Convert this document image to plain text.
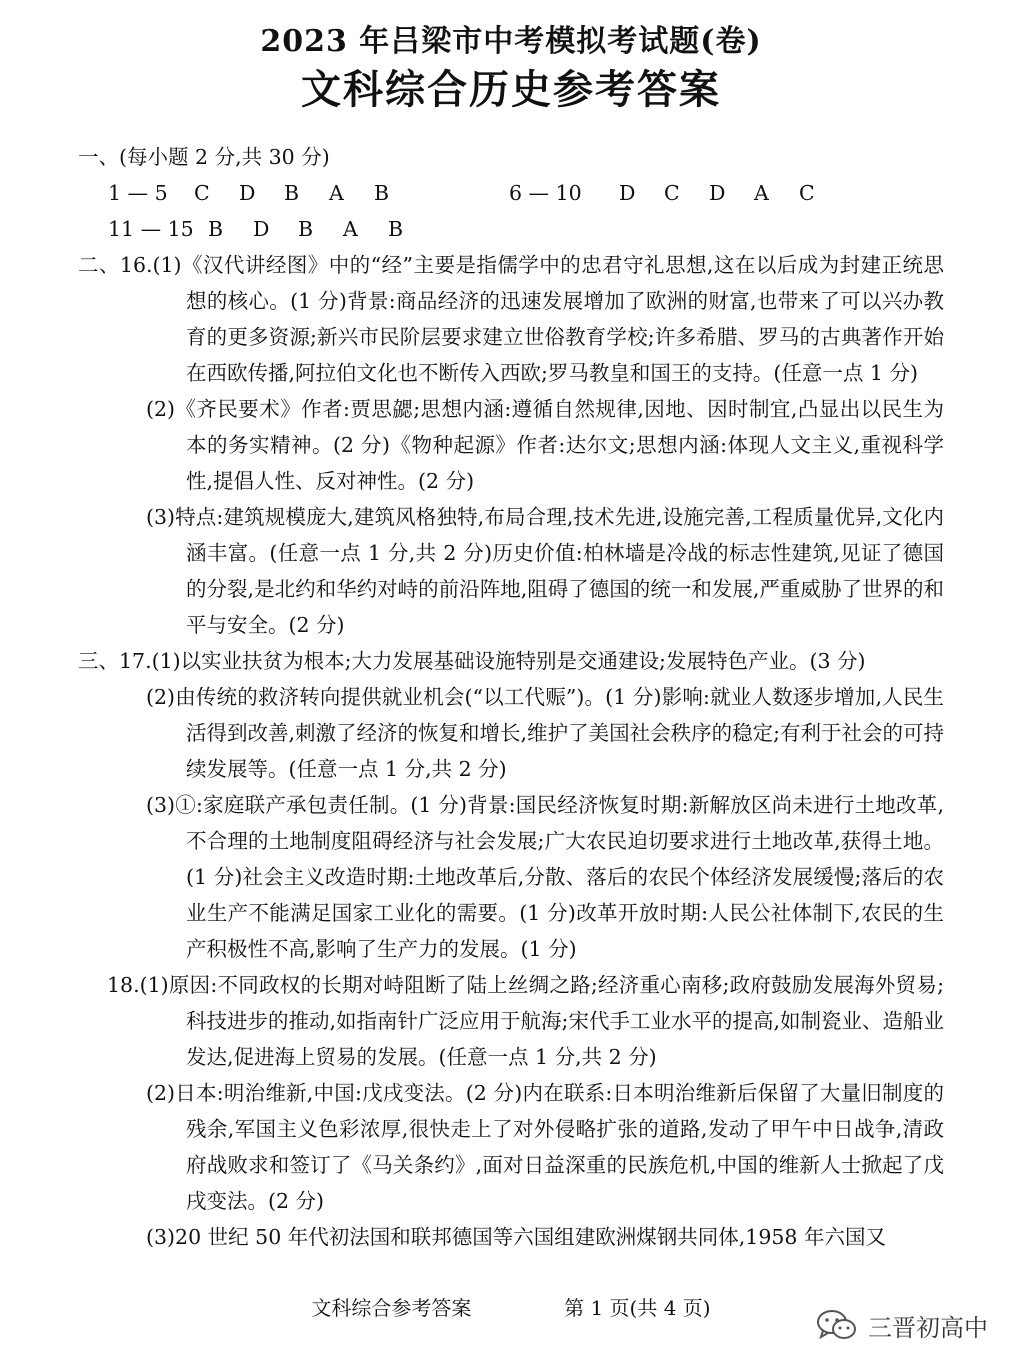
2023 年吕梁市中考模拟考试题(卷)
文科综合历史参考答案
一、(每小题 2 分,共 30 分)
1 — 5	C	D	B	A	B	6 — 10	D	C	D	A	C
11 — 15 B	D	B	A	B
二、16.(1)《汉代讲经图》中的“经”主要是指儒学中的忠君守礼思想,这在以后成为封建正统思想的核心。(1 分)背景:商品经济的迅速发展增加了欧洲的财富,也带来了可以兴办教育的更多资源;新兴市民阶层要求建立世俗教育学校;许多希腊、罗马的古典著作开始在西欧传播,阿拉伯文化也不断传入西欧;罗马教皇和国王的支持。(任意一点 1 分)
(2)《齐民要术》作者:贾思勰;思想内涵:遵循自然规律,因地、因时制宜,凸显出以民生为本的务实精神。(2 分)《物种起源》作者:达尔文;思想内涵:体现人文主义,重视科学性,提倡人性、反对神性。(2 分)
(3)特点:建筑规模庞大,建筑风格独特,布局合理,技术先进,设施完善,工程质量优异,文化内涵丰富。(任意一点 1 分,共 2 分)历史价值:柏林墙是冷战的标志性建筑,见证了德国的分裂,是北约和华约对峙的前沿阵地,阻碍了德国的统一和发展,严重威胁了世界的和平与安全。(2 分)
三、17.(1)以实业扶贫为根本;大力发展基础设施特别是交通建设;发展特色产业。(3 分)
(2)由传统的救济转向提供就业机会(“以工代赈”)。(1 分)影响:就业人数逐步增加,人民生活得到改善,刺激了经济的恢复和增长,维护了美国社会秩序的稳定;有利于社会的可持续发展等。(任意一点 1 分,共 2 分)
(3)①:家庭联产承包责任制。(1 分)背景:国民经济恢复时期:新解放区尚未进行土地改革,不合理的土地制度阻碍经济与社会发展;广大农民迫切要求进行土地改革,获得土地。(1 分)社会主义改造时期:土地改革后,分散、落后的农民个体经济发展缓慢;落后的农业生产不能满足国家工业化的需要。(1 分)改革开放时期:人民公社体制下,农民的生产积极性不高,影响了生产力的发展。(1 分)
18.(1)原因:不同政权的长期对峙阻断了陆上丝绸之路;经济重心南移;政府鼓励发展海外贸易;科技进步的推动,如指南针广泛应用于航海;宋代手工业水平的提高,如制瓷业、造船业发达,促进海上贸易的发展。(任意一点 1 分,共 2 分)
(2)日本:明治维新,中国:戊戌变法。(2 分)内在联系:日本明治维新后保留了大量旧制度的残余,军国主义色彩浓厚,很快走上了对外侵略扩张的道路,发动了甲午中日战争,清政府战败求和签订了《马关条约》,面对日益深重的民族危机,中国的维新人士掀起了戊戌变法。(2 分)
(3)20 世纪 50 年代初法国和联邦德国等六国组建欧洲煤钢共同体,1958 年六国又
文科综合参考答案	第 1 页(共 4 页)
三晋初高中
